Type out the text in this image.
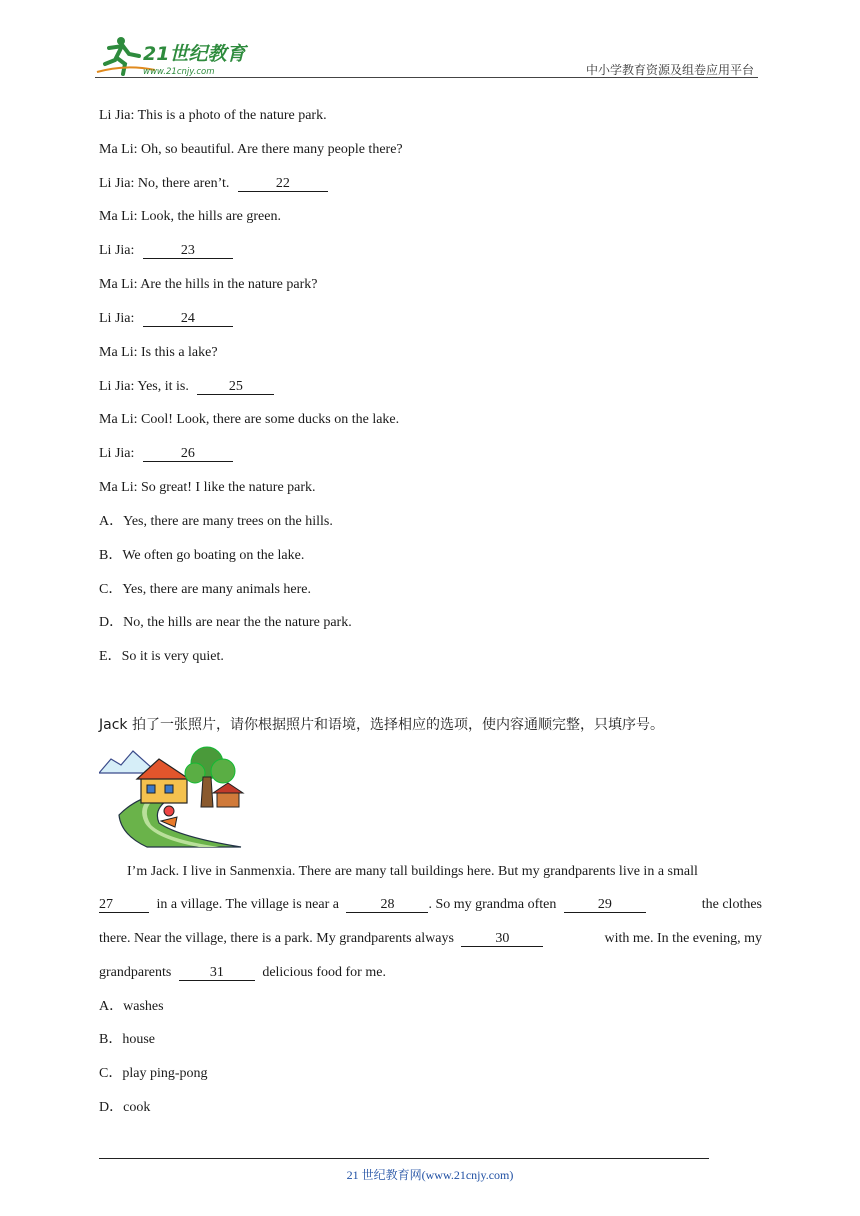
21世纪教育
www.21cnjy.com	中小学教育资源及组卷应用平台
Li Jia: This is a photo of the nature park.
Ma Li: Oh, so beautiful. Are there many people there?
Li Jia: No, there aren’t.	22
Ma Li: Look, the hills are green.
Li Jia:	23
Ma Li: Are the hills in the nature park?
Li Jia:	24
Ma Li: Is this a lake?
Li Jia: Yes, it is.	25
Ma Li: Cool! Look, there are some ducks on the lake.
Li Jia:	26
Ma Li: So great! I like the nature park.
A．Yes, there are many trees on the hills.
B．We often go boating on the lake.
C．Yes, there are many animals here.
D．No, the hills are near the the nature park.
E．So it is very quiet.
Jack 拍了一张照片，请你根据照片和语境，选择相应的选项，使内容通顺完整，只填序号。
I’m Jack. I live in Sanmenxia. There are many tall buildings here. But my grandparents live in a small
27	in a village. The village is near a	28 . So my grandma often	29	the clothes
there. Near the village, there is a park. My grandparents always	30	with me. In the evening, my
grandparents	31	delicious food for me.
A．washes
B．house
C．play ping-pong
D．cook
21 世纪教育网(www.21cnjy.com)
